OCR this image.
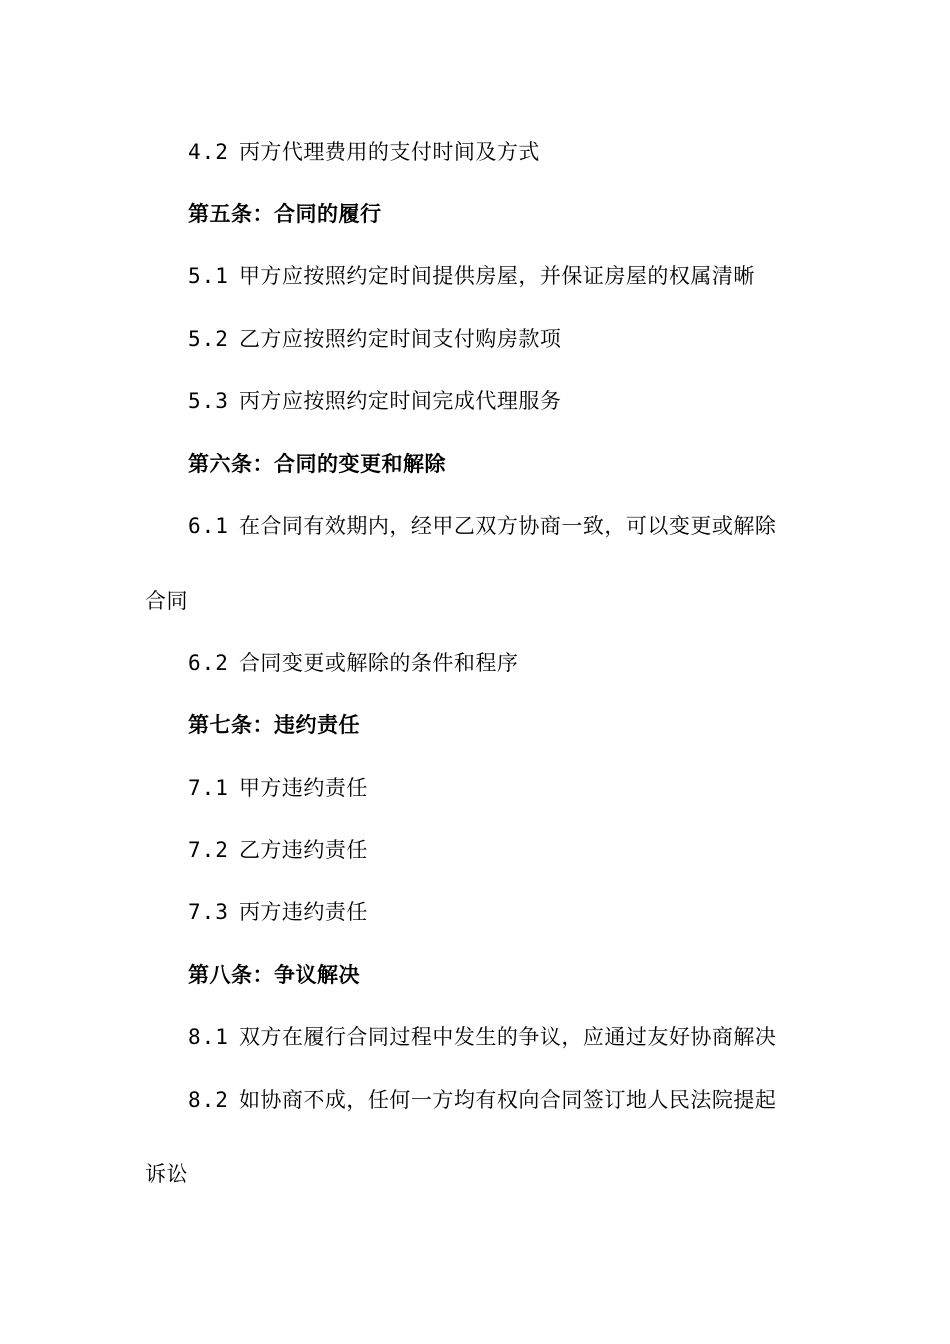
4.2 丙方代理费用的支付时间及方式
第五条：合同的履行
5.1 甲方应按照约定时间提供房屋，并保证房屋的权属清晰
5.2 乙方应按照约定时间支付购房款项
5.3 丙方应按照约定时间完成代理服务
第六条：合同的变更和解除
6.1 在合同有效期内，经甲乙双方协商一致，可以变更或解除
合同
6.2 合同变更或解除的条件和程序
第七条：违约责任
7.1 甲方违约责任
7.2 乙方违约责任
7.3 丙方违约责任
第八条：争议解决
8.1 双方在履行合同过程中发生的争议，应通过友好协商解决
8.2 如协商不成，任何一方均有权向合同签订地人民法院提起
诉讼
